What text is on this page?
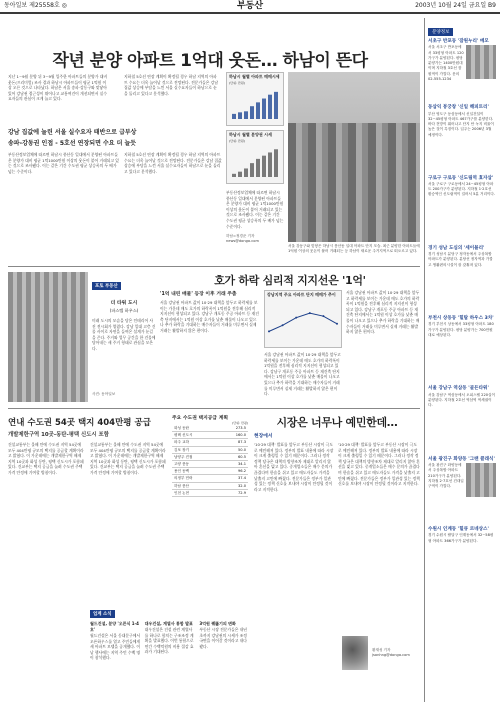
동아일보 제25558호 ◎	부동산	2003년 10월 24일 금요일 B9
작년 분양 아파트 1억대 웃돈… 하남이 뜬다
지난 1~9월 분양 뒤 3~9월 입주한 아파트들의 분양가 대비 웃돈(프리미엄) 조사 결과 하남시 아파트들이 평균 1억원 이상 오른 것으로 나타났다. 하남은 서울 송파·강동구와 맞닿아 있어 강남권 접근성이 뛰어나고 교통여건이 개선되면서 실수요자들의 관심이 크게 늘고 있다.
강남 집값에 눌린 서울 실수요자 태반으로 급부상
송파-강동권 인접 - 5호선 연장되면 수요 더 늘듯
부동산정보업체에 따르면 하남시 풍산동 일대에서 분양된 아파트들은 분양가 대비 평균 1억1000만원 이상의 웃돈이 붙어 거래되고 있는 것으로 조사됐다. 이는 같은 기간 수도권 평균 상승폭의 두 배가 넘는 수준이다.
지하철 5호선 연장 계획이 확정될 경우 하남 지역의 아파트 수요는 더욱 늘어날 것으로 전망된다. 전문가들은 강남 집값 상승에 부담을 느낀 서울 실수요자들이 하남으로 눈을 돌리고 있다고 분석했다.
지하철 5호선 연장 계획이 확정될 경우 하남 지역의 아파트 수요는 더욱 늘어날 것으로 전망된다. 전문가들은 강남 집값 상승에 부담을 느낀 서울 실수요자들이 하남으로 눈을 돌리고 있다고 분석했다.
하남시 월별 아파트 매매시세
(단위: 만원)
하남시 월별 분양권 시세
(단위: 만원)
부동산정보업체에 따르면 하남시 풍산동 일대에서 분양된 아파트들은 분양가 대비 평균 1억1000만원 이상의 웃돈이 붙어 거래되고 있는 것으로 조사됐다. 이는 같은 기간 수도권 평균 상승폭의 두 배가 넘는 수준이다.
서울 강동구와 맞닿은 하남시 풍산동 일대 아파트 단지 모습. 최근 분양한 아파트들에 1억원 이상의 웃돈이 붙어 거래되는 등 하남이 새로운 주거지역으로 떠오르고 있다.
하남=정경준 기자 news@donga.com
호가 하락 심리적 지지선은 '1억'
'1억 내린 매물' 등장 이후 거래 주춤
서울 강남권 아파트 값이 10·29 대책을 앞두고 하락세를 보이는 가운데 매도 호가의 하락폭이 1억원을 전후해 심리적 지지선이 형성되고 있다. 강남구 개포동 주공 아파트 등 재건축 단지에서는 1억원 이상 호가를 낮춘 매물이 나오고 있으나 추가 하락을 기대하는 매수자들이 거래를 미루면서 실제 거래는 활발하지 않은 편이다.
강남지역 주요 아파트 단지 매매가 추이
서울 강남권 아파트 값이 10·29 대책을 앞두고 하락세를 보이는 가운데 매도 호가의 하락폭이 1억원을 전후해 심리적 지지선이 형성되고 있다. 강남구 개포동 주공 아파트 등 재건축 단지에서는 1억원 이상 호가를 낮춘 매물이 나오고 있으나 추가 하락을 기대하는 매수자들이 거래를 미루면서 실제 거래는 활발하지 않은 편이다.
서울 강남권 아파트 값이 10·29 대책을 앞두고 하락세를 보이는 가운데 매도 호가의 하락폭이 1억원을 전후해 심리적 지지선이 형성되고 있다. 강남구 개포동 주공 아파트 등 재건축 단지에서는 1억원 이상 호가를 낮춘 매물이 나오고 있으나 추가 하락을 기대하는 매수자들이 거래를 미루면서 실제 거래는 활발하지 않은 편이다.
포토 부동산
더 타워 도시
(파스텔 하우스)
미래 도시의 모습을 담은 인테리어 사진 전시회가 열렸다. 강남 일대 고층 건물 사이로 자연을 들여온 설계가 눈길을 끈다. 주거와 업무 공간을 한 건물에 담아내는 새 주거 형태로 관심을 모은다.
사진: 동아일보
연내 수도권 54곳 택지 404만평 공급
개발제한구역 10곳-동탄-평택 신도시 포함
건설교통부는 올해 안에 수도권 지역 54곳에 모두 404만평 규모의 택지를 공급할 계획이라고 밝혔다. 이 가운데에는 개발제한구역 해제 지역 10곳과 화성 동탄, 평택 신도시가 포함돼 있다. 건교부는 택지 공급을 늘려 수도권 주택 가격 안정에 기여할 방침이다.
건설교통부는 올해 안에 수도권 지역 54곳에 모두 404만평 규모의 택지를 공급할 계획이라고 밝혔다. 이 가운데에는 개발제한구역 해제 지역 10곳과 화성 동탄, 평택 신도시가 포함돼 있다. 건교부는 택지 공급을 늘려 수도권 주택 가격 안정에 기여할 방침이다.
주요 수도권 택지공급 계획
(단위: 만평)
화성 동탄	273.5
평택 신도시	160.0
파주 교하	87.3
김포 장기	50.0
남양주 진접	60.5
고양 풍동	34.1
용인 동백	96.2
의정부 민락	37.4
하남 풍산	32.0
인천 논현	72.9
업계 소식
월드건설, 분양 '오픈식 1-4호'
월드건설은 서울 동대문구에서 오픈하우스를 열고 주민들에게 새 아파트 모델을 공개했다. 이날 행사에는 지역 주민 수백 명이 참석했다.
대우건설, 계열사 통합 발표
대우건설은 건설 관련 계열사를 하나로 합치는 구조조정 계획을 발표했다. 이번 통합으로 연간 수백억원의 비용 절감 효과가 기대된다.
3억원 꿰뚫기의 변화
부동산 시장 전문가들은 내년 초까지 강남권의 시세가 조정 국면을 이어갈 것이라고 내다봤다.
시장은 너무나 예민한데…
현장에서
'10·29 대책' 발표를 앞두고 부동산 시장이 극도로 예민해져 있다. 정부의 발표 내용에 따라 시장이 크게 출렁일 수 있기 때문이다. 그러나 정작 정책 당국은 대책의 방향조차 제대로 알리지 않아 혼선을 빚고 있다. 중개업소들은 매수 문의가 끊겼다며 한숨을 쉬고 있고 매도자들도 가격을 낮출지 고민에 빠졌다. 전문가들은 정부가 일관성 있는 정책 신호를 보내야 시장이 안정될 것이라고 지적한다.
'10·29 대책' 발표를 앞두고 부동산 시장이 극도로 예민해져 있다. 정부의 발표 내용에 따라 시장이 크게 출렁일 수 있기 때문이다. 그러나 정작 정책 당국은 대책의 방향조차 제대로 알리지 않아 혼선을 빚고 있다. 중개업소들은 매수 문의가 끊겼다며 한숨을 쉬고 있고 매도자들도 가격을 낮출지 고민에 빠졌다. 전문가들은 정부가 일관성 있는 정책 신호를 보내야 시장이 안정될 것이라고 지적한다.
황재성 기자 jsonhng@donga.com
분양정보
서초구 반포동 '잠원누리' 메모
서울 서초구 반포동에서 33평형 아파트 120가구가 분양된다. 평당 분양가는 1400만원대이며 지하철 3호선 잠원역이 가깝다. 문의 02-555-1234
동삼익 봉궁창 '신일 해피트리'
부산 영도구 동삼동에서 신일건설이 32~45평형 아파트 467가구를 분양한다. 바다 전망이 뛰어나고 단지 안 녹지 비율이 높은 것이 특징이다. 입주는 2006년 3월 예정이다.
구로구 구로동 '신도림역 효자삼'
서울 구로구 구로동에서 24~45평형 아파트 200가구가 분양된다. 지하철 1·2호선 환승역인 신도림역이 걸어서 5분 거리이다.
경기 성남 도심의 '세이블리'
경기 성남시 분당구 정자동에서 주상복합 아파트가 분양된다. 분당선 정자역과 가깝고 생활편의시설이 잘 갖춰져 있다.
부천시 상동동 '힐탑 하우스 3차'
경기 부천시 상동에서 33평형 아파트 180가구가 분양된다. 평당 분양가는 700만원대로 예상된다.
서울 강남구 역삼동 '골든타워'
서울 강남구 역삼동에서 오피스텔 220실이 분양된다. 지하철 2호선 역삼역 역세권이다.
서울 광진구 화양동 '그랜 클래식'
서울 광진구 화양동에서 주상복합 아파트 210가구가 분양된다. 지하철 2·7호선 건대입구역이 가깝다.
수원시 인계동 '힐큐 르네상스'
경기 수원시 팔달구 인계동에서 32~58평형 아파트 366가구가 분양된다.
